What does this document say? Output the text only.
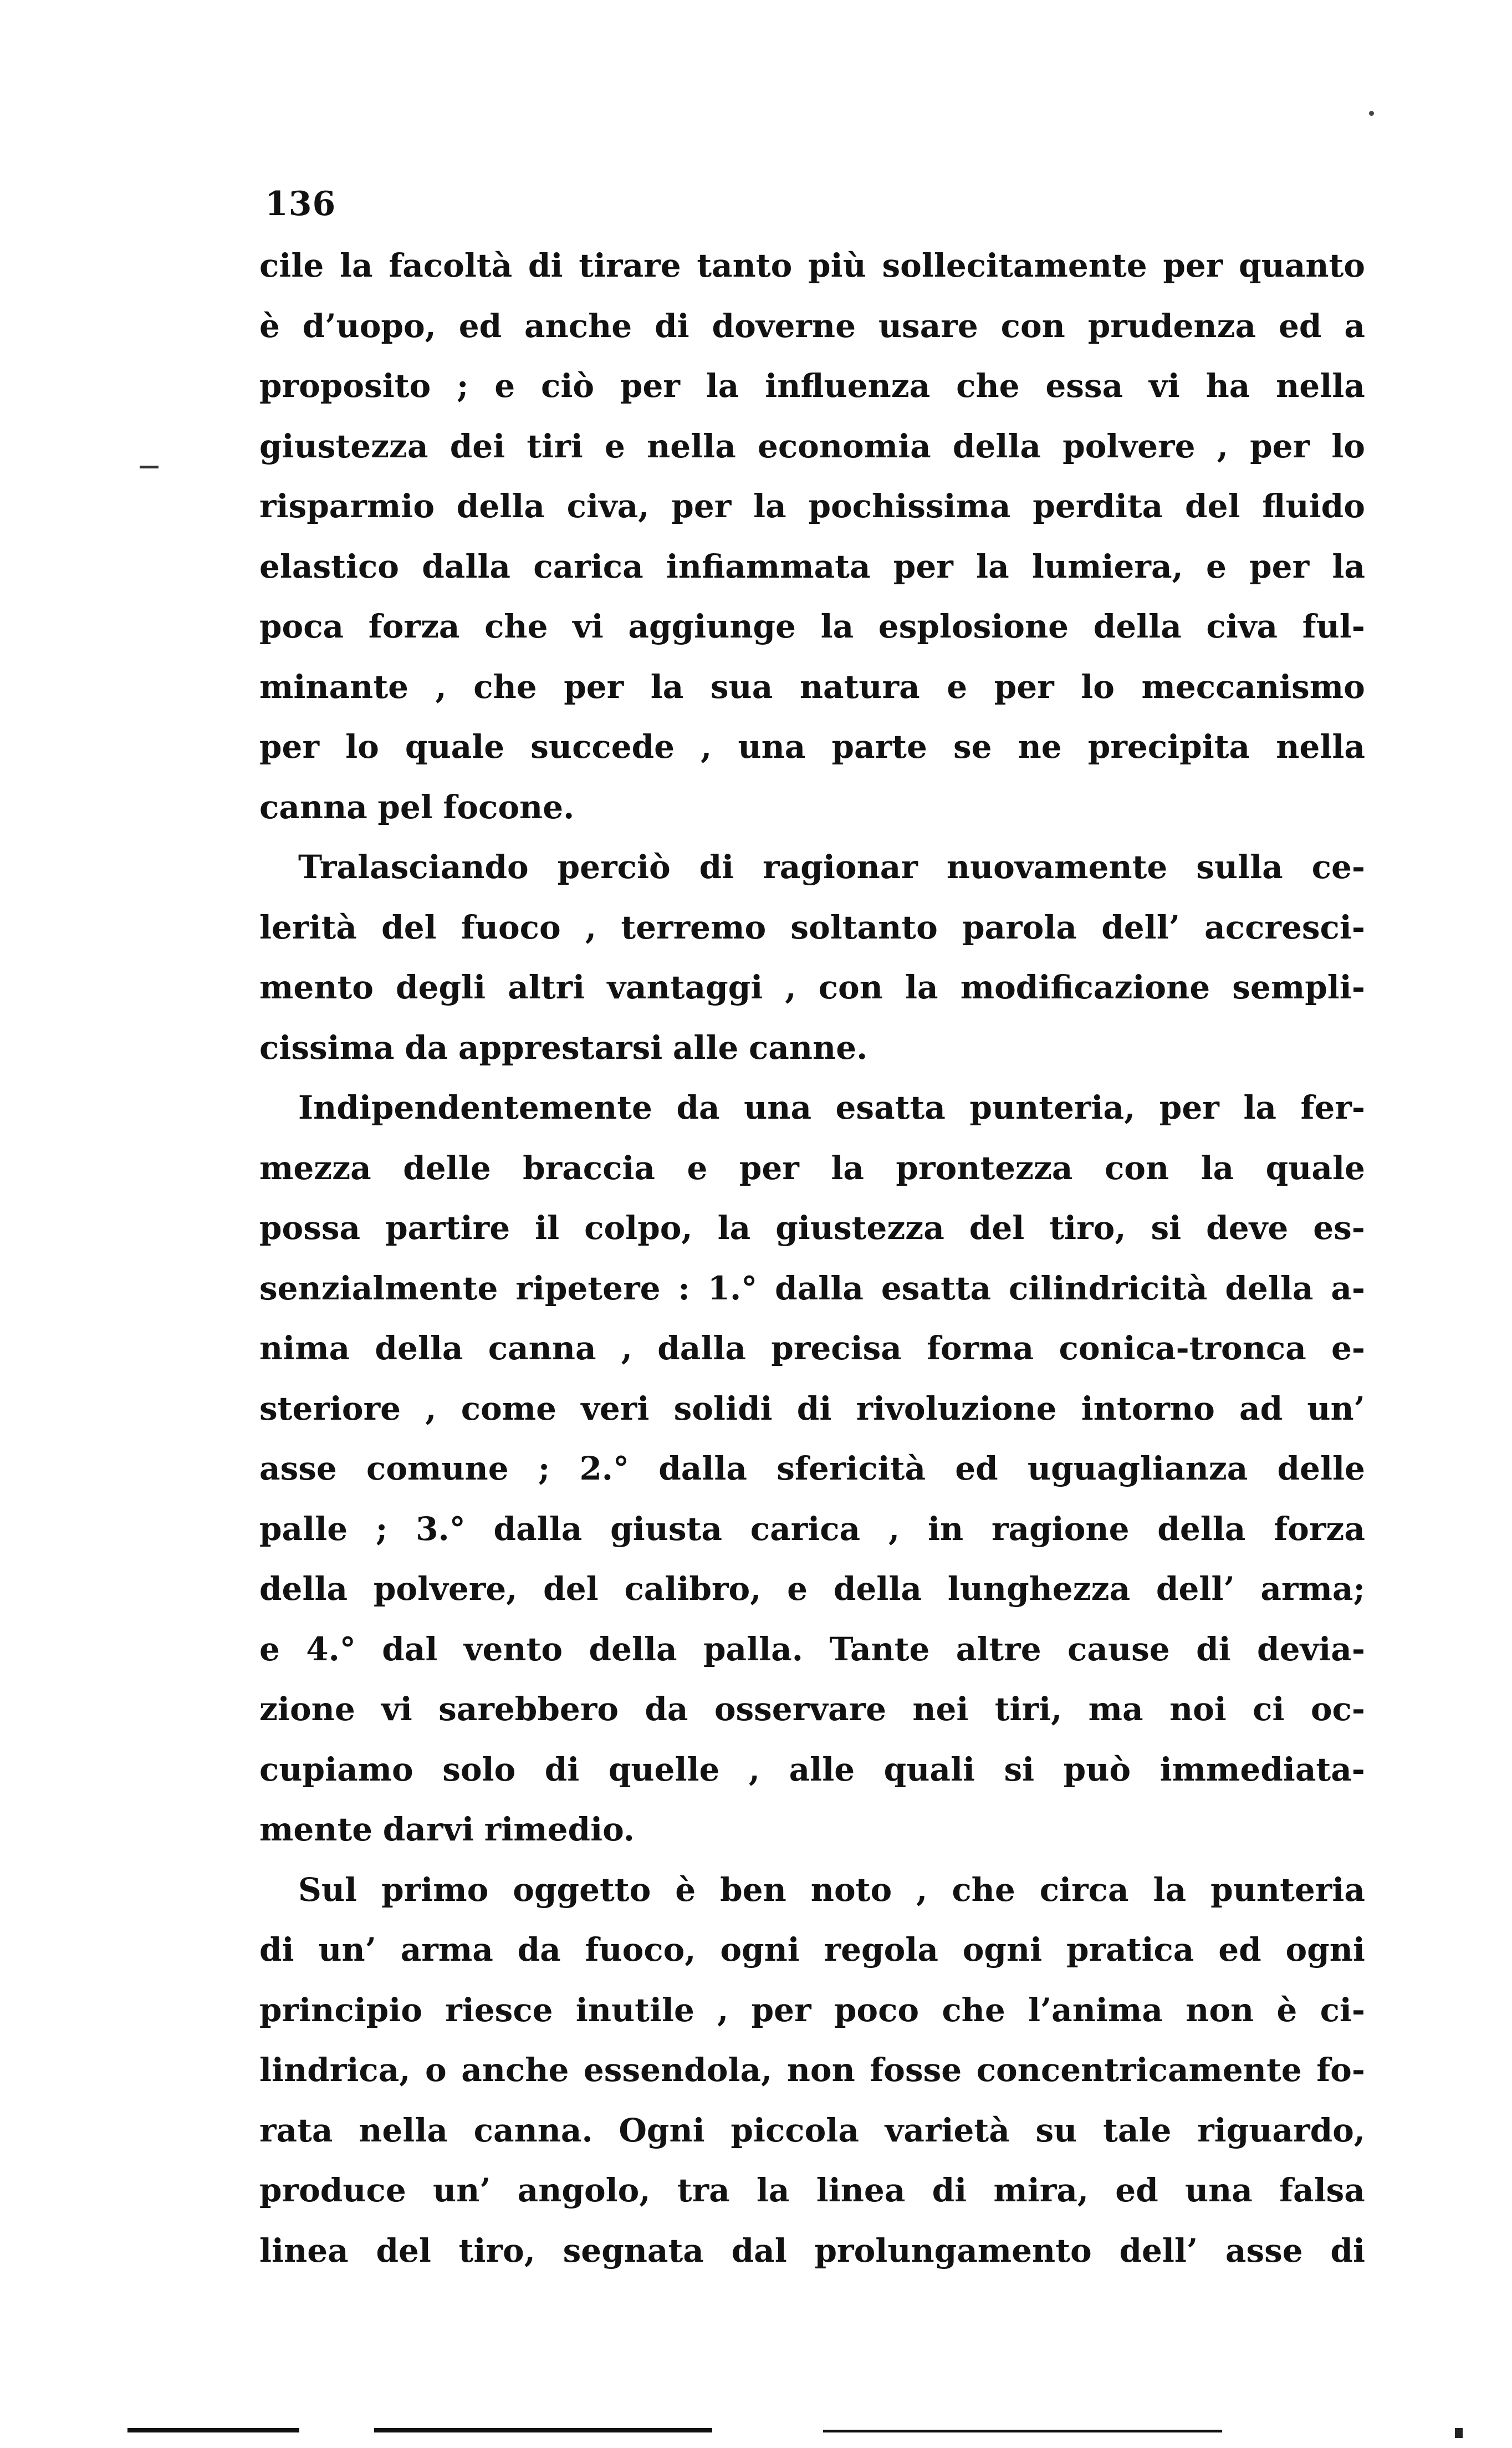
136
cile la facoltà di tirare tanto più sollecitamente per quanto
è d’uopo, ed anche di doverne usare con prudenza ed a
proposito ; e ciò per la influenza che essa vi ha nella
giustezza dei tiri e nella economia della polvere , per lo
risparmio della civa, per la pochissima perdita del fluido
elastico dalla carica infiammata per la lumiera, e per la
poca forza che vi aggiunge la esplosione della civa ful-
minante , che per la sua natura e per lo meccanismo
per lo quale succede , una parte se ne precipita nella
canna pel focone.
Tralasciando perciò di ragionar nuovamente sulla ce-
lerità del fuoco , terremo soltanto parola dell’ accresci-
mento degli altri vantaggi , con la modificazione sempli-
cissima da apprestarsi alle canne.
Indipendentemente da una esatta punteria, per la fer-
mezza delle braccia e per la prontezza con la quale
possa partire il colpo, la giustezza del tiro, si deve es-
senzialmente ripetere : 1.° dalla esatta cilindricità della a-
nima della canna , dalla precisa forma conica-tronca e-
steriore , come veri solidi di rivoluzione intorno ad un’
asse comune ; 2.° dalla sfericità ed uguaglianza delle
palle ; 3.° dalla giusta carica , in ragione della forza
della polvere, del calibro, e della lunghezza dell’ arma;
e 4.° dal vento della palla. Tante altre cause di devia-
zione vi sarebbero da osservare nei tiri, ma noi ci oc-
cupiamo solo di quelle , alle quali si può immediata-
mente darvi rimedio.
Sul primo oggetto è ben noto , che circa la punteria
di un’ arma da fuoco, ogni regola ogni pratica ed ogni
principio riesce inutile , per poco che l’anima non è ci-
lindrica, o anche essendola, non fosse concentricamente fo-
rata nella canna. Ogni piccola varietà su tale riguardo,
produce un’ angolo, tra la linea di mira, ed una falsa
linea del tiro, segnata dal prolungamento dell’ asse di
